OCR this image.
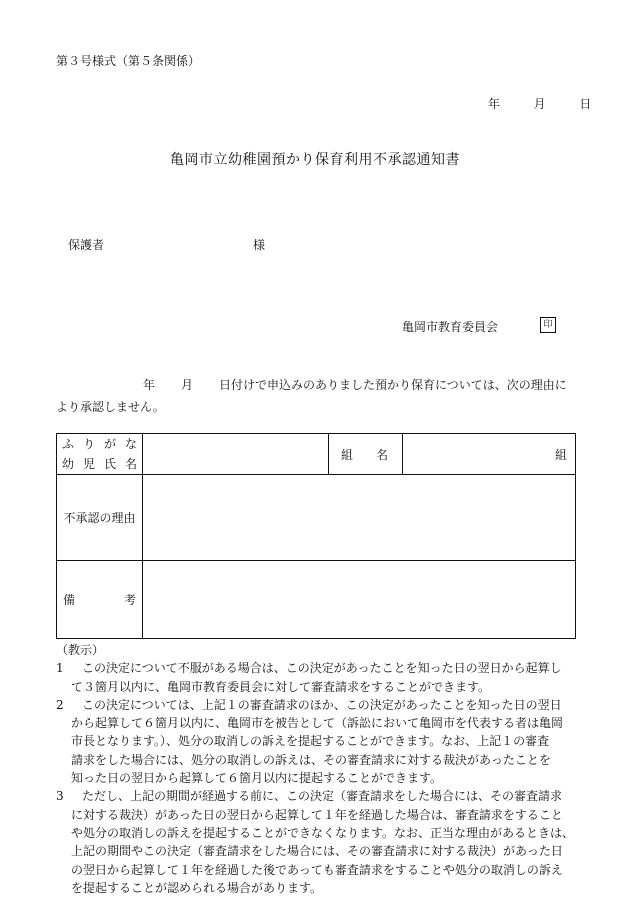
第３号様式（第５条関係）
年	月	日
亀岡市立幼稚園預かり保育利用不承認通知書
保護者	様
亀岡市教育委員会	印
年 月 日付けで申込みのありました預かり保育については、次の理由に
より承認しません。
ふりがな
幼児氏名		組名	組
不承認の理由			
備考			
（教示）
1	この決定について不服がある場合は、この決定があったことを知った日の翌日から起算し
て３箇月以内に、亀岡市教育委員会に対して審査請求をすることができます。
2	この決定については、上記１の審査請求のほか、この決定があったことを知った日の翌日
から起算して６箇月以内に、亀岡市を被告として（訴訟において亀岡市を代表する者は亀岡
市長となります。）、処分の取消しの訴えを提起することができます。なお、上記１の審査
請求をした場合には、処分の取消しの訴えは、その審査請求に対する裁決があったことを
知った日の翌日から起算して６箇月以内に提起することができます。
3	ただし、上記の期間が経過する前に、この決定（審査請求をした場合には、その審査請求
に対する裁決）があった日の翌日から起算して１年を経過した場合は、審査請求をすること
や処分の取消しの訴えを提起することができなくなります。なお、正当な理由があるときは、
上記の期間やこの決定（審査請求をした場合には、その審査請求に対する裁決）があった日
の翌日から起算して１年を経過した後であっても審査請求をすることや処分の取消しの訴え
を提起することが認められる場合があります。
